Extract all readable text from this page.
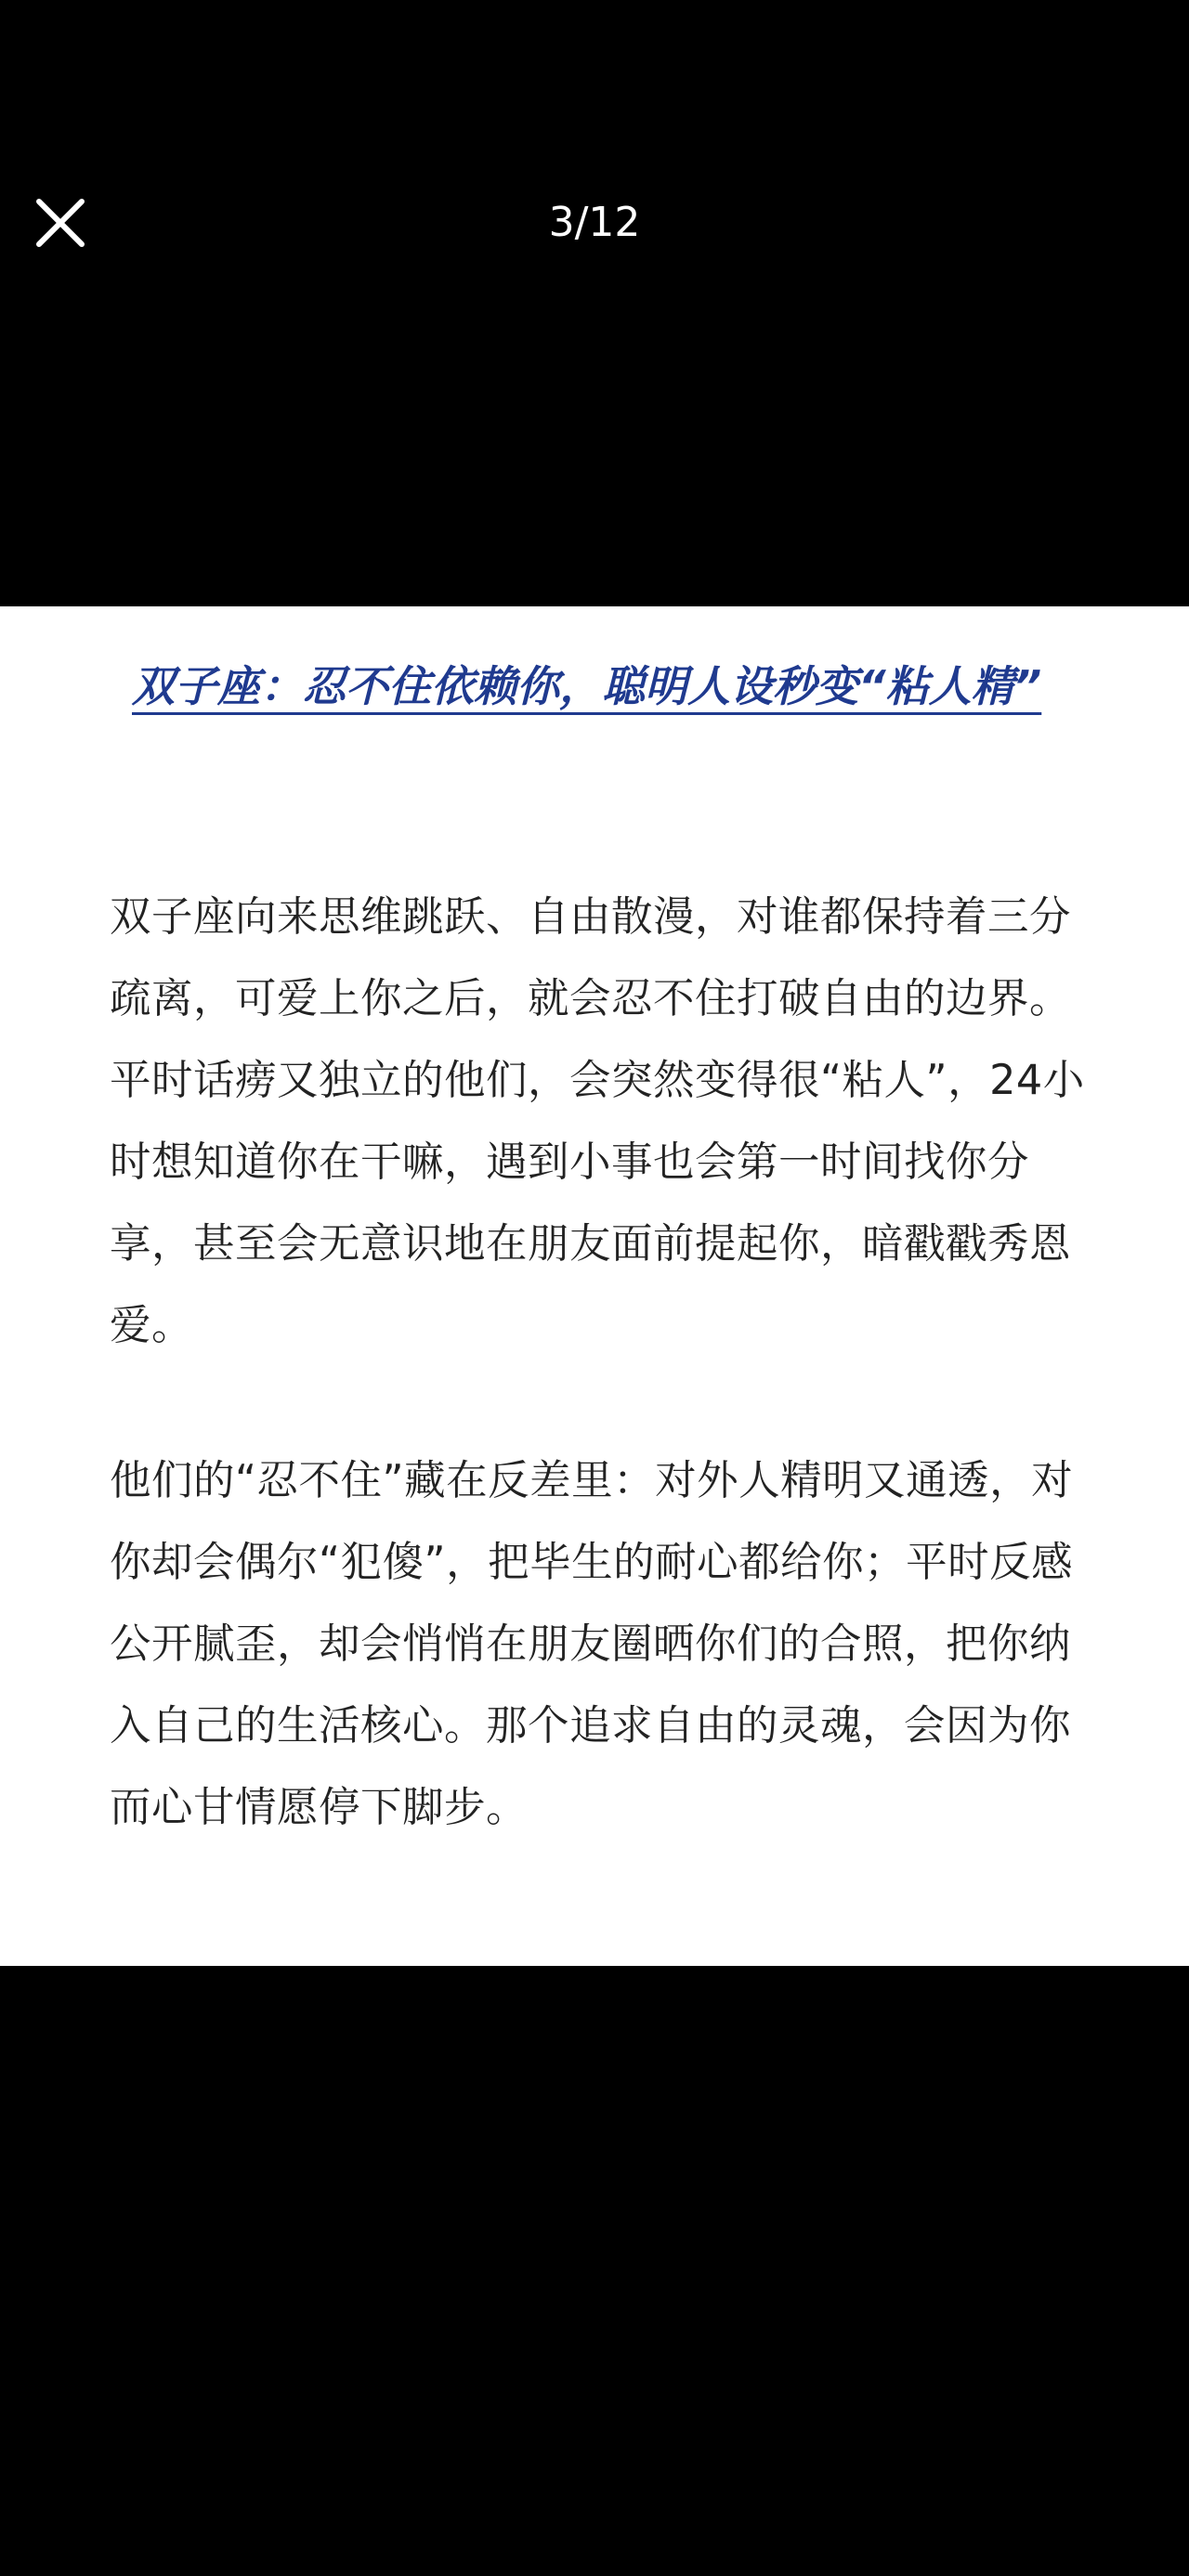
3/12

双子座：忍不住依赖你，聪明人设秒变“粘人精”

双子座向来思维跳跃、自由散漫，对谁都保持着三分疏离，可爱上你之后，就会忍不住打破自由的边界。平时话痨又独立的他们，会突然变得很“粘人”，24小时想知道你在干嘛，遇到小事也会第一时间找你分享，甚至会无意识地在朋友面前提起你，暗戳戳秀恩爱。

他们的“忍不住”藏在反差里：对外人精明又通透，对你却会偶尔“犯傻”，把毕生的耐心都给你；平时反感公开腻歪，却会悄悄在朋友圈晒你们的合照，把你纳入自己的生活核心。那个追求自由的灵魂，会因为你而心甘情愿停下脚步。
